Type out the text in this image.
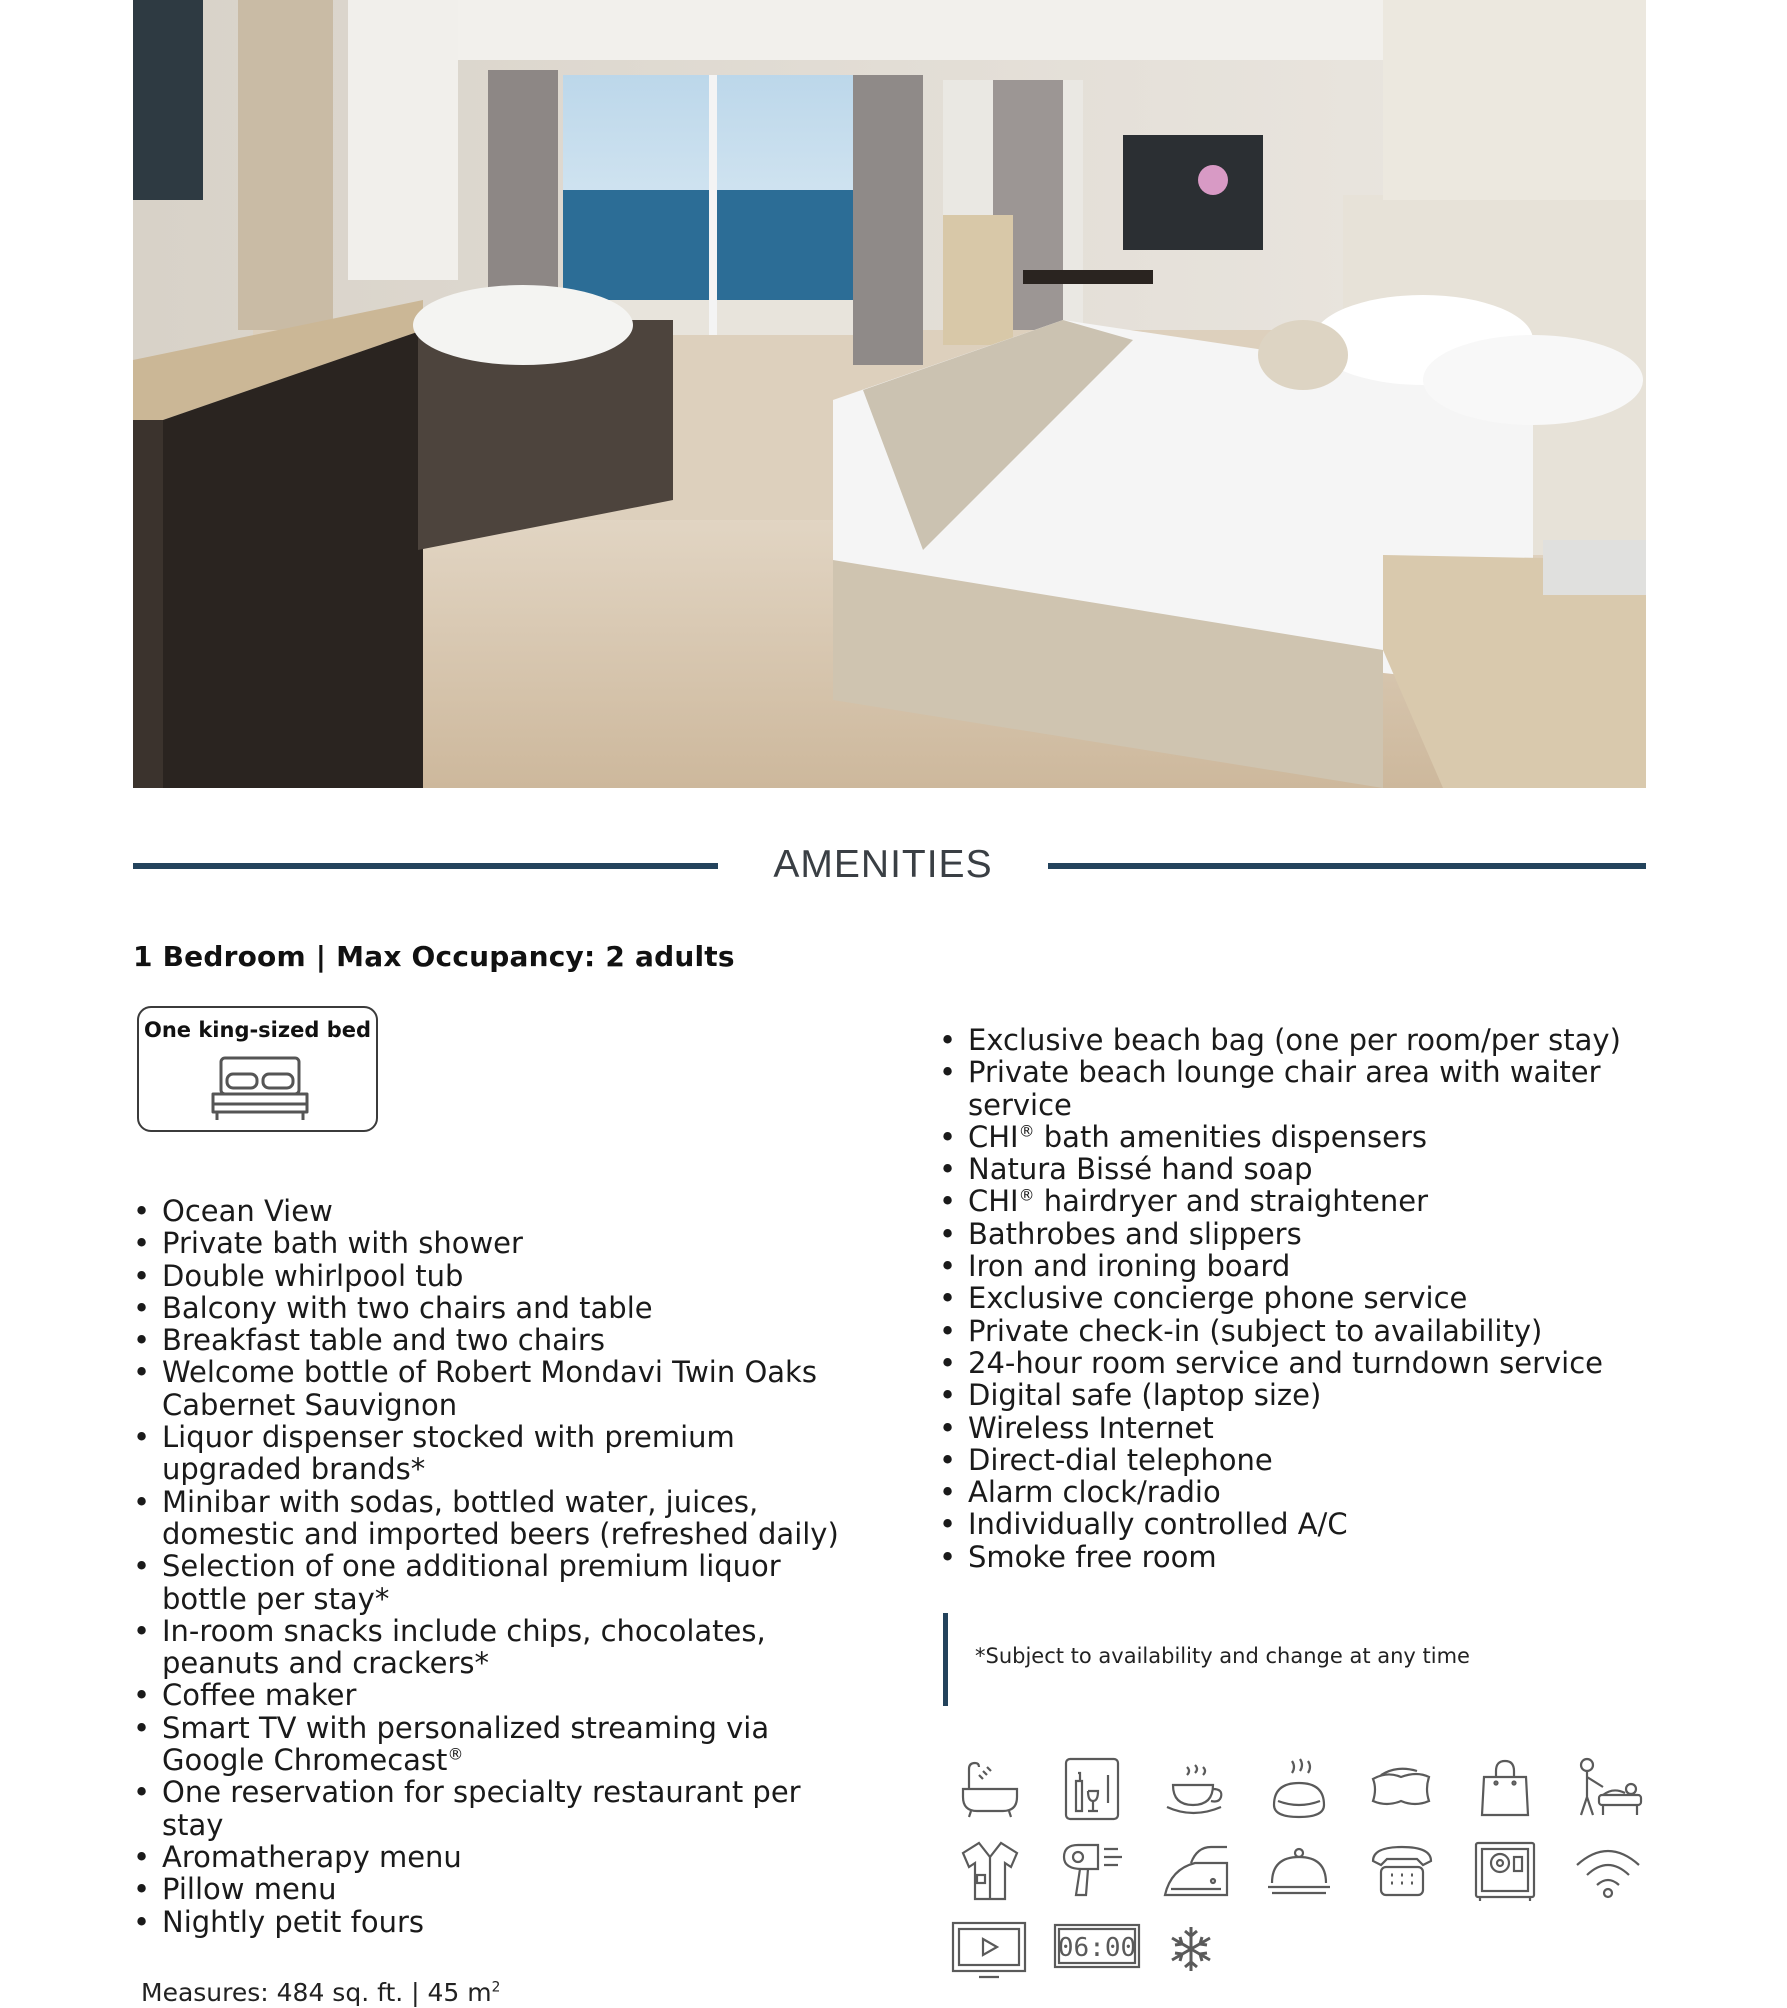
AMENITIES
1 Bedroom | Max Occupancy: 2 adults
One king-sized bed
• Ocean View
• Private bath with shower
• Double whirlpool tub
• Balcony with two chairs and table
• Breakfast table and two chairs
• Welcome bottle of Robert Mondavi Twin Oaks Cabernet Sauvignon
• Liquor dispenser stocked with premium upgraded brands*
• Minibar with sodas, bottled water, juices, domestic and imported beers (refreshed daily)
• Selection of one additional premium liquor bottle per stay*
• In-room snacks include chips, chocolates, peanuts and crackers*
• Coffee maker
• Smart TV with personalized streaming via Google Chromecast®
• One reservation for specialty restaurant per stay
• Aromatherapy menu
• Pillow menu
• Nightly petit fours
• Exclusive beach bag (one per room/per stay)
• Private beach lounge chair area with waiter service
• CHI® bath amenities dispensers
• Natura Bissé hand soap
• CHI® hairdryer and straightener
• Bathrobes and slippers
• Iron and ironing board
• Exclusive concierge phone service
• Private check-in (subject to availability)
• 24-hour room service and turndown service
• Digital safe (laptop size)
• Wireless Internet
• Direct-dial telephone
• Alarm clock/radio
• Individually controlled A/C
• Smoke free room
*Subject to availability and change at any time
06:00
Measures: 484 sq. ft. | 45 $m^2$
